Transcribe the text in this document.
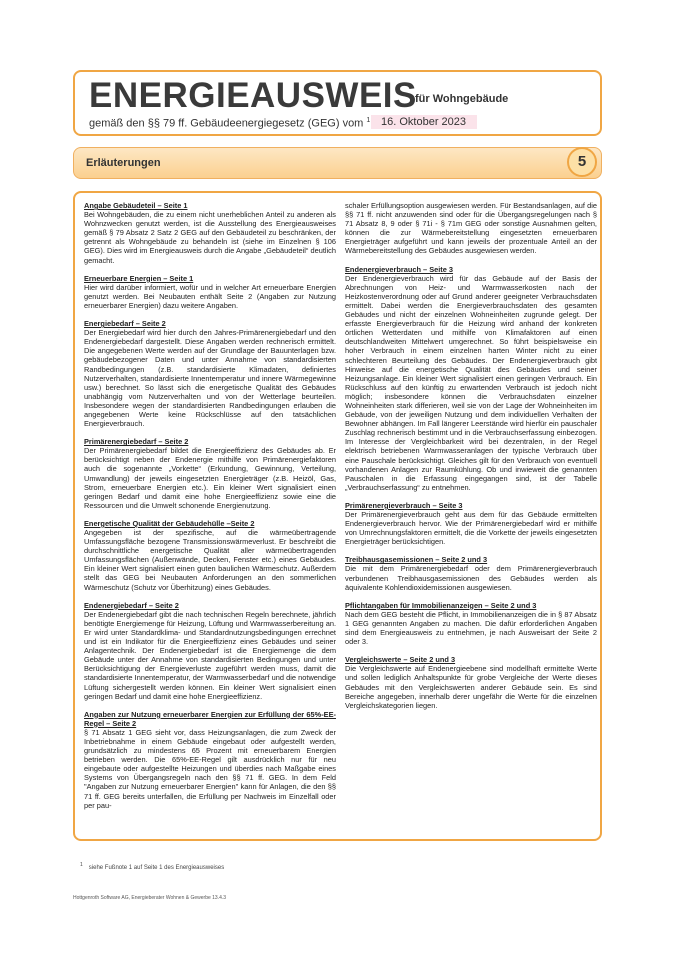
ENERGIEAUSWEIS
für Wohngebäude
gemäß den §§ 79 ff. Gebäudeenergiegesetz (GEG) vom $^1$ 16. Oktober 2023
Erläuterungen	5
Angabe Gebäudeteil – Seite 1

Bei Wohngebäuden, die zu einem nicht unerheblichen Anteil zu anderen als Wohnzwecken genutzt werden, ist die Ausstellung des Energieausweises gemäß § 79 Absatz 2 Satz 2 GEG auf den Gebäudeteil zu beschränken, der getrennt als Wohngebäude zu behandeln ist (siehe im Einzelnen § 106 GEG). Dies wird im Energieausweis durch die Angabe „Gebäudeteil“ deutlich gemacht.

Erneuerbare Energien – Seite 1

Hier wird darüber informiert, wofür und in welcher Art erneuerbare Energien genutzt werden. Bei Neubauten enthält Seite 2 (Angaben zur Nutzung erneuerbarer Energien) dazu weitere Angaben.

Energiebedarf – Seite 2

Der Energiebedarf wird hier durch den Jahres-Primärenergiebedarf und den Endenergiebedarf dargestellt. Diese Angaben werden rechnerisch ermittelt. Die angegebenen Werte werden auf der Grundlage der Bauunterlagen bzw. gebäudebezogener Daten und unter Annahme von standardisierten Randbedingungen (z.B. standardisierte Klimadaten, definiertes Nutzerverhalten, standardisierte Innentemperatur und innere Wärmegewinne usw.) berechnet. So lässt sich die energetische Qualität des Gebäudes unabhängig vom Nutzerverhalten und von der Wetterlage beurteilen. Insbesondere wegen der standardisierten Randbedingungen erlauben die angegebenen Werte keine Rückschlüsse auf den tatsächlichen Energieverbrauch.

Primärenergiebedarf – Seite 2

Der Primärenergiebedarf bildet die Energieeffizienz des Gebäudes ab. Er berücksichtigt neben der Endenergie mithilfe von Primärenergiefaktoren auch die sogenannte „Vorkette“ (Erkundung, Gewinnung, Verteilung, Umwandlung) der jeweils eingesetzten Energieträger (z.B. Heizöl, Gas, Strom, erneuerbare Energien etc.). Ein kleiner Wert signalisiert einen geringen Bedarf und damit eine hohe Energieeffizienz sowie eine die Ressourcen und die Umwelt schonende Energienutzung.

Energetische Qualität der Gebäudehülle –Seite 2

Angegeben ist der spezifische, auf die wärmeübertragende Umfassungsfläche bezogene Transmissionswärmeverlust. Er beschreibt die durchschnittliche energetische Qualität aller wärmeübertragenden Umfassungsflächen (Außenwände, Decken, Fenster etc.) eines Gebäudes. Ein kleiner Wert signalisiert einen guten baulichen Wärmeschutz. Außerdem stellt das GEG bei Neubauten Anforderungen an den sommerlichen Wärmeschutz (Schutz vor Überhitzung) eines Gebäudes.

Endenergiebedarf – Seite 2

Der Endenergiebedarf gibt die nach technischen Regeln berechnete, jährlich benötigte Energiemenge für Heizung, Lüftung und Warmwasserbereitung an. Er wird unter Standardklima- und Standardnutzungsbedingungen errechnet und ist ein Indikator für die Energieeffizienz eines Gebäudes und seiner Anlagentechnik. Der Endenergiebedarf ist die Energiemenge die dem Gebäude unter der Annahme von standardisierten Bedingungen und unter Berücksichtigung der Energieverluste zugeführt werden muss, damit die standardisierte Innentemperatur, der Warmwasserbedarf und die notwendige Lüftung sichergestellt werden können. Ein kleiner Wert signalisiert einen geringen Bedarf und damit eine hohe Energieeffizienz.

Angaben zur Nutzung erneuerbarer Energien zur Erfüllung der 65%-EE-Regel – Seite 2

§ 71 Absatz 1 GEG sieht vor, dass Heizungsanlagen, die zum Zweck der Inbetriebnahme in einem Gebäude eingebaut oder aufgestellt werden, grundsätzlich zu mindestens 65 Prozent mit erneuerbarem Energien betrieben werden. Die 65%-EE-Regel gilt ausdrücklich nur für neu eingebaute oder aufgestellte Heizungen und überdies nach Maßgabe eines Systems von Übergangsregeln nach den §§ 71 ff. GEG. In dem Feld "Angaben zur Nutzung erneuerbarer Energien" kann für Anlagen, die den §§ 71 ff. GEG bereits unterfallen, die Erfüllung per Nachweis im Einzelfall oder per pau-

schaler Erfüllungsoption ausgewiesen werden. Für Bestandsanlagen, auf die §§ 71 ff. nicht anzuwenden sind oder für die Übergangsregelungen nach § 71 Absatz 8, 9 oder § 71i - § 71m GEG oder sonstige Ausnahmen gelten, können die zur Wärmebereitstellung eingesetzten erneuerbaren Energieträger aufgeführt und kann jeweils der prozentuale Anteil an der Wärmebereitstellung des Gebäudes ausgewiesen werden.

Endenergieverbrauch – Seite 3

Der Endenergieverbrauch wird für das Gebäude auf der Basis der Abrechnungen von Heiz- und Warmwasserkosten nach der Heizkostenverordnung oder auf Grund anderer geeigneter Verbrauchsdaten ermittelt. Dabei werden die Energieverbrauchsdaten des gesamten Gebäudes und nicht der einzelnen Wohneinheiten zugrunde gelegt. Der erfasste Energieverbrauch für die Heizung wird anhand der konkreten örtlichen Wetterdaten und mithilfe von Klimafaktoren auf einen deutschlandweiten Mittelwert umgerechnet. So führt beispielsweise ein hoher Verbrauch in einem einzelnen harten Winter nicht zu einer schlechteren Beurteilung des Gebäudes. Der Endenergieverbrauch gibt Hinweise auf die energetische Qualität des Gebäudes und seiner Heizungsanlage. Ein kleiner Wert signalisiert einen geringen Verbrauch. Ein Rückschluss auf den künftig zu erwartenden Verbrauch ist jedoch nicht möglich; insbesondere können die Verbrauchsdaten einzelner Wohneinheiten stark differieren, weil sie von der Lage der Wohneinheiten im Gebäude, von der jeweiligen Nutzung und dem individuellen Verhalten der Bewohner abhängen. Im Fall längerer Leerstände wird hierfür ein pauschaler Zuschlag rechnerisch bestimmt und in die Verbrauchserfassung einbezogen. Im Interesse der Vergleichbarkeit wird bei dezentralen, in der Regel elektrisch betriebenen Warmwasseranlagen der typische Verbrauch über eine Pauschale berücksichtigt. Gleiches gilt für den Verbrauch von eventuell vorhandenen Anlagen zur Raumkühlung. Ob und inwieweit die genannten Pauschalen in die Erfassung eingegangen sind, ist der Tabelle „Verbrauchserfassung“ zu entnehmen.

Primärenergieverbrauch – Seite 3

Der Primärenergieverbrauch geht aus dem für das Gebäude ermittelten Endenergieverbrauch hervor. Wie der Primärenergiebedarf wird er mithilfe von Umrechnungsfaktoren ermittelt, die die Vorkette der jeweils eingesetzten Energieträger berücksichtigen.

Treibhausgasemissionen – Seite 2 und 3

Die mit dem Primärenergiebedarf oder dem Primärenergieverbrauch verbundenen Treibhausgasemissionen des Gebäudes werden als äquivalente Kohlendioxidemissionen ausgewiesen.

Pflichtangaben für Immobilienanzeigen – Seite 2 und 3

Nach dem GEG besteht die Pflicht, in Immobilienanzeigen die in § 87 Absatz 1 GEG genannten Angaben zu machen. Die dafür erforderlichen Angaben sind dem Energieausweis zu entnehmen, je nach Ausweisart der Seite 2 oder 3.

Vergleichswerte – Seite 2 und 3

Die Vergleichswerte auf Endenergieebene sind modellhaft ermittelte Werte und sollen lediglich Anhaltspunkte für grobe Vergleiche der Werte dieses Gebäudes mit den Vergleichswerten anderer Gebäude sein. Es sind Bereiche angegeben, innerhalb derer ungefähr die Werte für die einzelnen Vergleichskategorien liegen.

$^1$ siehe Fußnote 1 auf Seite 1 des Energieausweises
Hottgenroth Software AG, Energieberater Wohnen & Gewerbe 13.4.3
